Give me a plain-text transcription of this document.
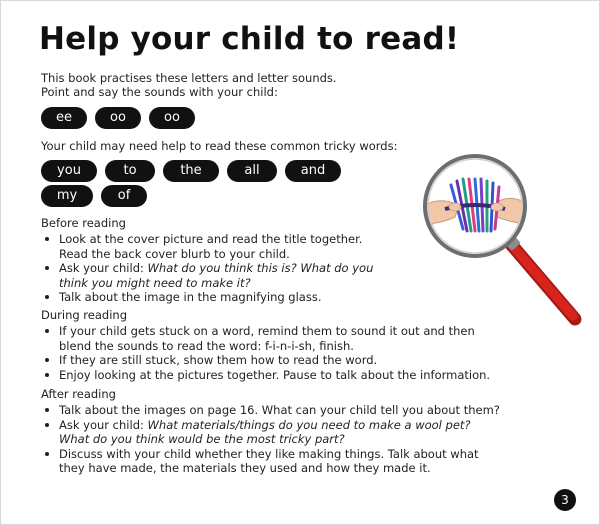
Help your child to read!

This book practises these letters and letter sounds.

Point and say the sounds with your child:

ee	oo	oo

Your child may need help to read these common tricky words:

you	to	the	all	and
my	of

Before reading

Look at the cover picture and read the title together.
Read the back cover blurb to your child.
Ask your child: What do you think this is? What do you
think you might need to make it?
Talk about the image in the magnifying glass.

During reading

If your child gets stuck on a word, remind them to sound it out and then
blend the sounds to read the word: f-i-n-i-sh, finish.
If they are still stuck, show them how to read the word.
Enjoy looking at the pictures together. Pause to talk about the information.

After reading

Talk about the images on page 16. What can your child tell you about them?
Ask your child: What materials/things do you need to make a wool pet?
What do you think would be the most tricky part?
Discuss with your child whether they like making things. Talk about what
they have made, the materials they used and how they made it.
3
